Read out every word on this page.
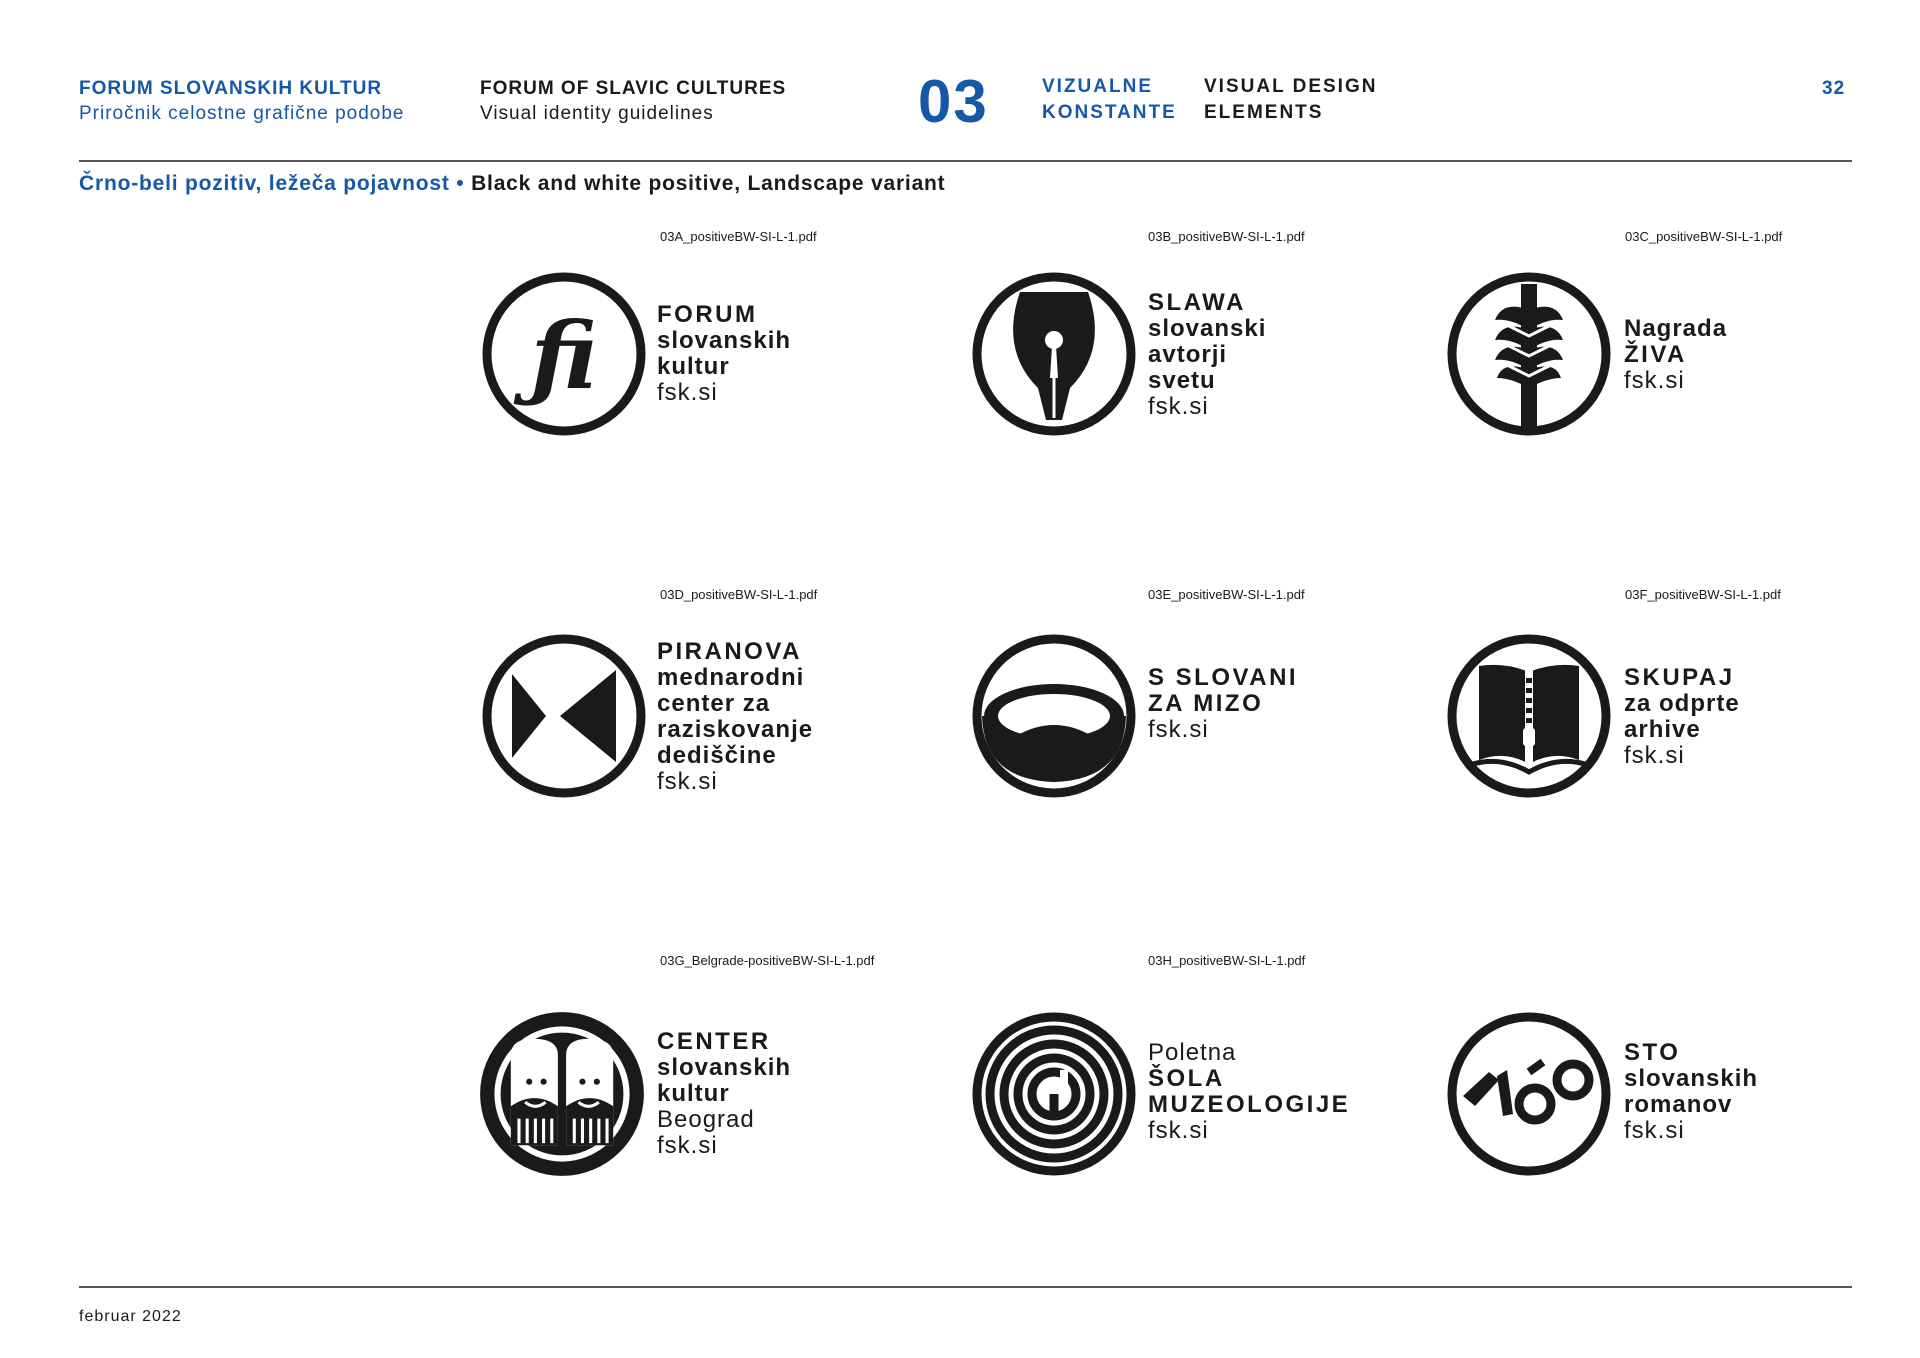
FORUM SLOVANSKIH KULTUR
Priročnik celostne grafične podobe
FORUM OF SLAVIC CULTURES
Visual identity guidelines	03	VIZUALNE
KONSTANTE
VISUAL DESIGN
ELEMENTS
32
Črno-beli pozitiv, ležeča pojavnost • Black and white positive, Landscape variant
03A_positiveBW-SI-L-1.pdf
ƒi FORUM
slovanskih
kultur
fsk.si
03B_positiveBW-SI-L-1.pdf
SLAWA
slovanski
avtorji
svetu
fsk.si
03C_positiveBW-SI-L-1.pdf
Nagrada
ŽIVA
fsk.si
03D_positiveBW-SI-L-1.pdf
PIRANOVA
mednarodni
center za
raziskovanje
dediščine
fsk.si
03E_positiveBW-SI-L-1.pdf
S SLOVANI
ZA MIZO
fsk.si
03F_positiveBW-SI-L-1.pdf
SKUPAJ
za odprte
arhive
fsk.si
03G_Belgrade-positiveBW-SI-L-1.pdf
CENTER
slovanskih
kultur
Beograd
fsk.si
03H_positiveBW-SI-L-1.pdf
Poletna
ŠOLA
MUZEOLOGIJE
fsk.si
STO
slovanskih
romanov
fsk.si
februar 2022
